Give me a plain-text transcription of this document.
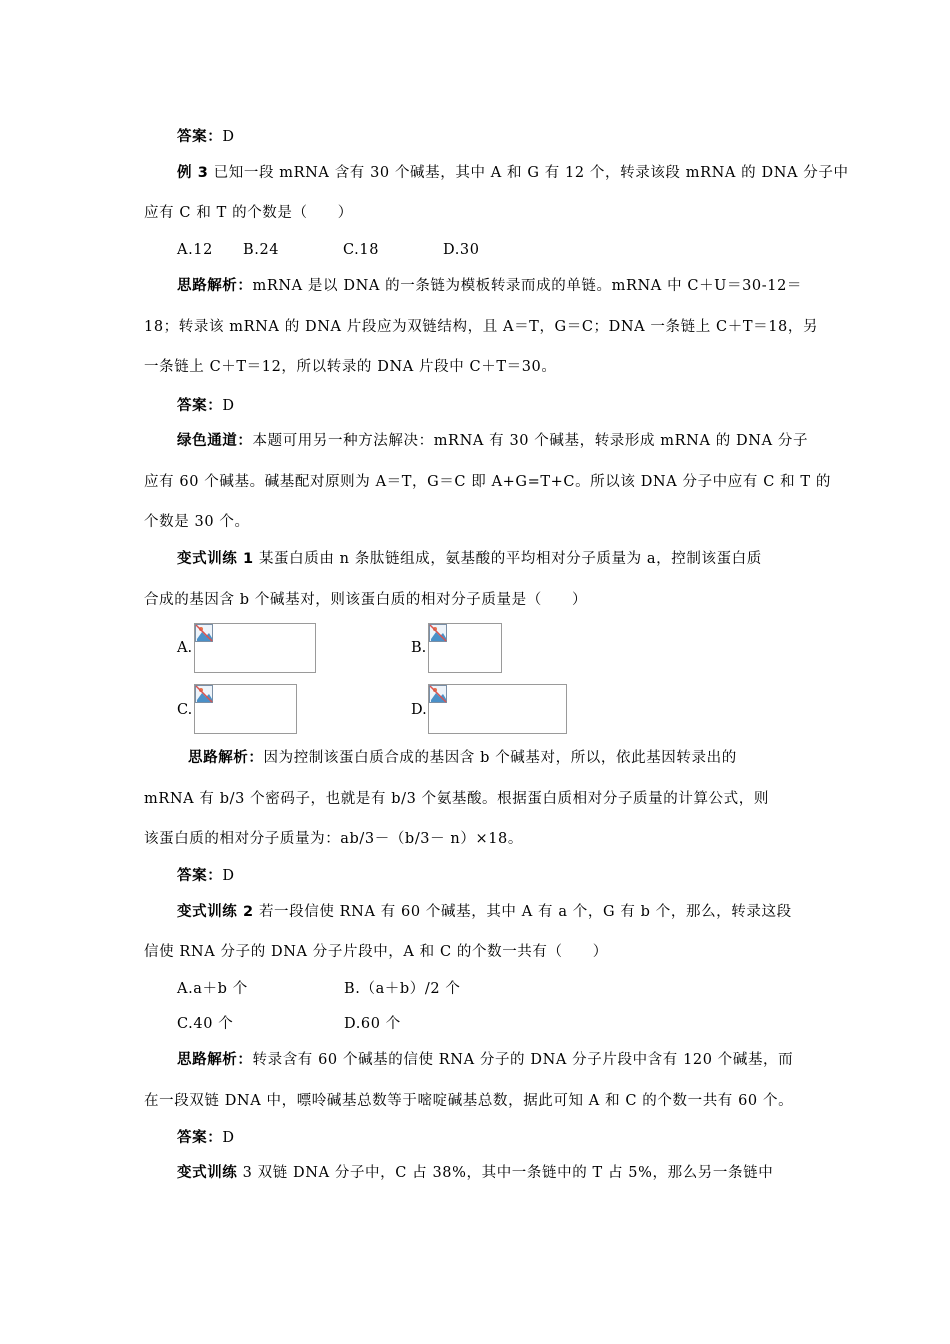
答案：D
例 3 已知一段 mRNA 含有 30 个碱基，其中 A 和 G 有 12 个，转录该段 mRNA 的 DNA 分子中
应有 C 和 T 的个数是（　　）
A.12 B.24	C.18	D.30
思路解析：mRNA 是以 DNA 的一条链为模板转录而成的单链。mRNA 中 C＋U＝30-12＝
18；转录该 mRNA 的 DNA 片段应为双链结构，且 A＝T，G＝C；DNA 一条链上 C＋T＝18，另
一条链上 C＋T＝12，所以转录的 DNA 片段中 C＋T＝30。
答案：D
绿色通道：本题可用另一种方法解决：mRNA 有 30 个碱基，转录形成 mRNA 的 DNA 分子
应有 60 个碱基。碱基配对原则为 A＝T，G＝C 即 A+G=T+C。所以该 DNA 分子中应有 C 和 T 的
个数是 30 个。
变式训练 1 某蛋白质由 n 条肽链组成，氨基酸的平均相对分子质量为 a，控制该蛋白质
合成的基因含 b 个碱基对，则该蛋白质的相对分子质量是（　　）
A.	B.
C.	D.
思路解析：因为控制该蛋白质合成的基因含 b 个碱基对，所以，依此基因转录出的
mRNA 有 b/3 个密码子，也就是有 b/3 个氨基酸。根据蛋白质相对分子质量的计算公式，则
该蛋白质的相对分子质量为：ab/3－（b/3－ n）×18。
答案：D
变式训练 2 若一段信使 RNA 有 60 个碱基，其中 A 有 a 个，G 有 b 个，那么，转录这段
信使 RNA 分子的 DNA 分子片段中，A 和 C 的个数一共有（　　）
A.a＋b 个	B.（a＋b）/2 个
C.40 个	D.60 个
思路解析：转录含有 60 个碱基的信使 RNA 分子的 DNA 分子片段中含有 120 个碱基，而
在一段双链 DNA 中，嘌呤碱基总数等于嘧啶碱基总数，据此可知 A 和 C 的个数一共有 60 个。
答案：D
变式训练 3 双链 DNA 分子中，C 占 38%，其中一条链中的 T 占 5%，那么另一条链中
